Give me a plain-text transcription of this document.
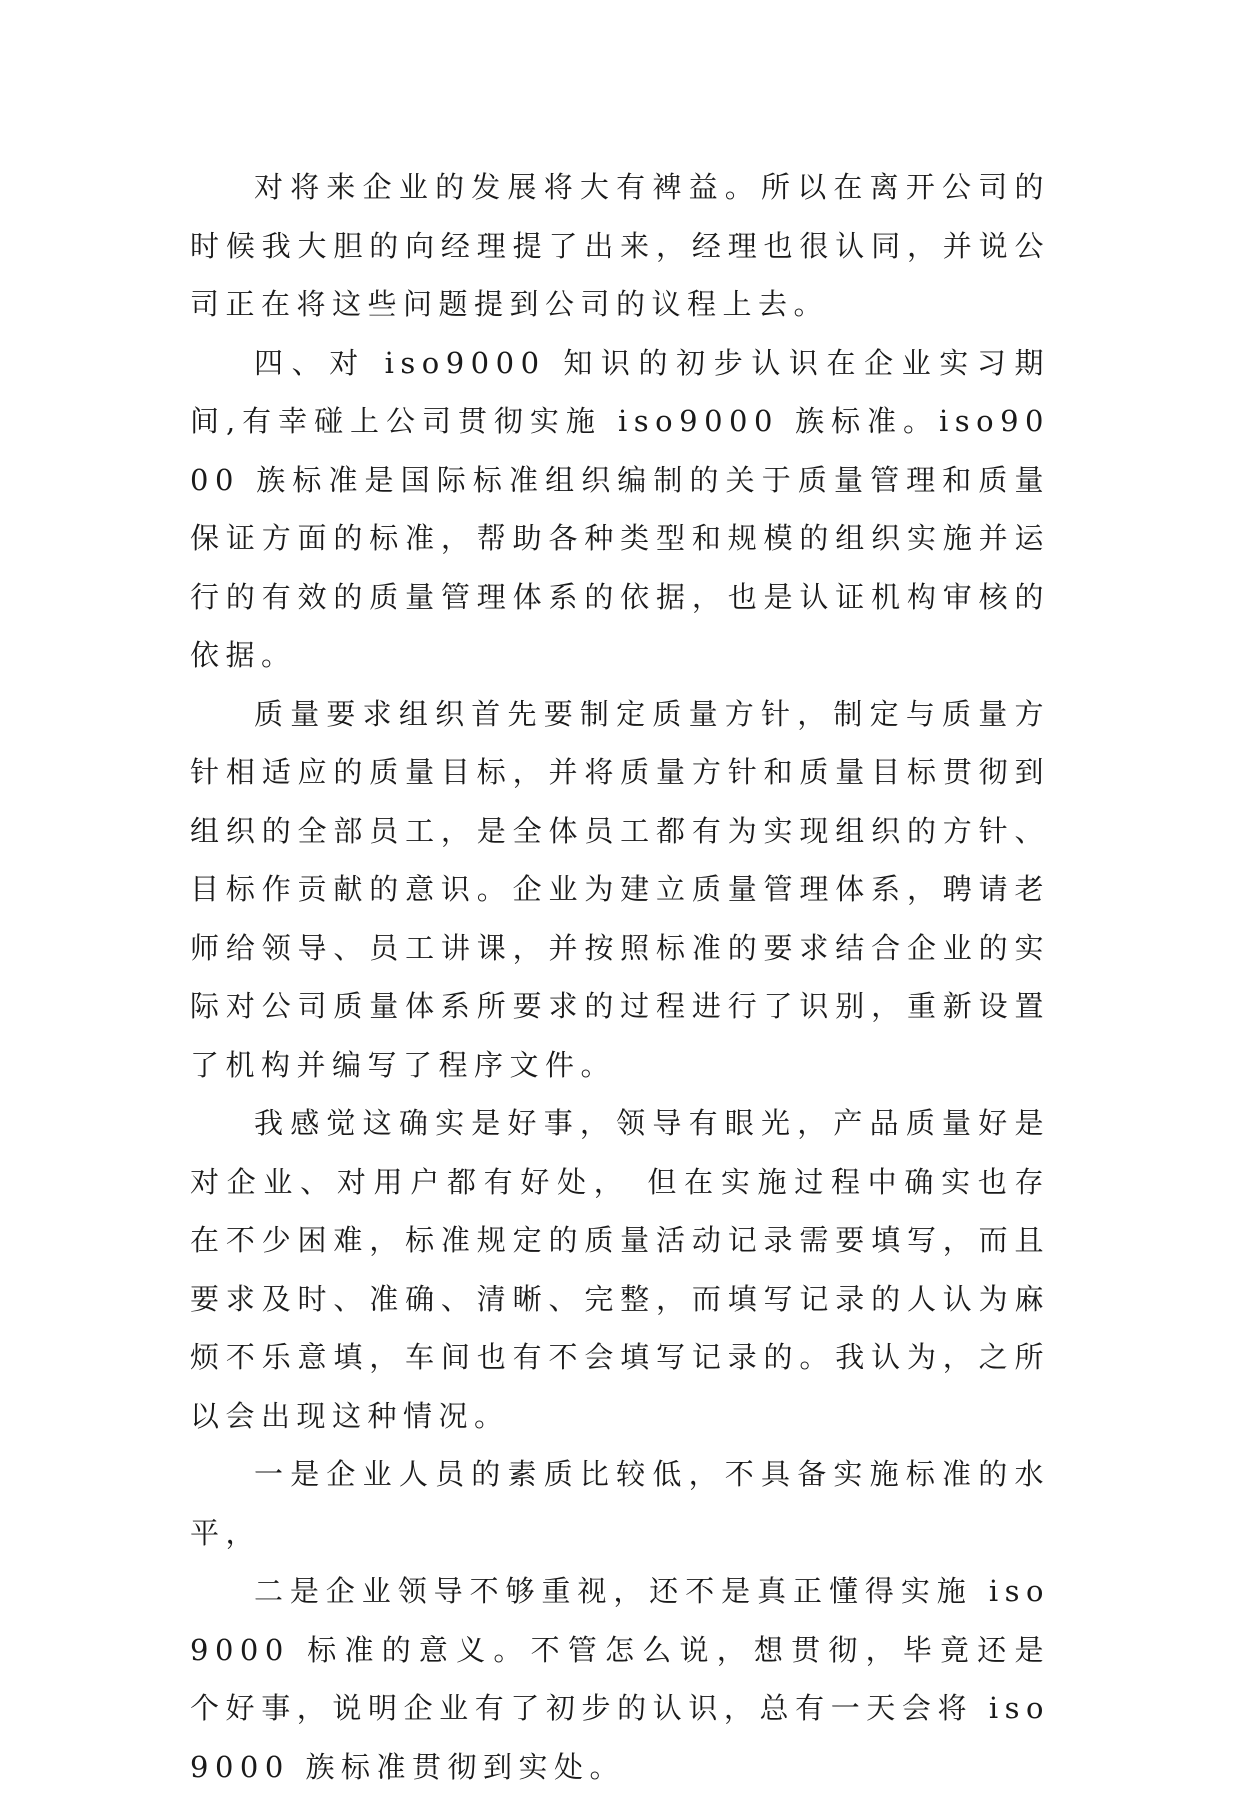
对将来企业的发展将大有裨益。所以在离开公司的时候我大胆的向经理提了出来，经理也很认同，并说公司正在将这些问题提到公司的议程上去。

四、对 iso9000 知识的初步认识在企业实习期间,有幸碰上公司贯彻实施 iso9000 族标准。iso9000 族标准是国际标准组织编制的关于质量管理和质量保证方面的标准，帮助各种类型和规模的组织实施并运行的有效的质量管理体系的依据，也是认证机构审核的依据。

质量要求组织首先要制定质量方针，制定与质量方针相适应的质量目标，并将质量方针和质量目标贯彻到组织的全部员工，是全体员工都有为实现组织的方针、目标作贡献的意识。企业为建立质量管理体系，聘请老师给领导、员工讲课，并按照标准的要求结合企业的实际对公司质量体系所要求的过程进行了识别，重新设置了机构并编写了程序文件。

我感觉这确实是好事，领导有眼光，产品质量好是对企业、对用户都有好处， 但在实施过程中确实也存在不少困难，标准规定的质量活动记录需要填写，而且要求及时、准确、清晰、完整，而填写记录的人认为麻烦不乐意填，车间也有不会填写记录的。我认为，之所以会出现这种情况。

一是企业人员的素质比较低，不具备实施标准的水平，

二是企业领导不够重视，还不是真正懂得实施 iso9000 标准的意义。不管怎么说，想贯彻，毕竟还是个好事，说明企业有了初步的认识，总有一天会将 iso9000 族标准贯彻到实处。
